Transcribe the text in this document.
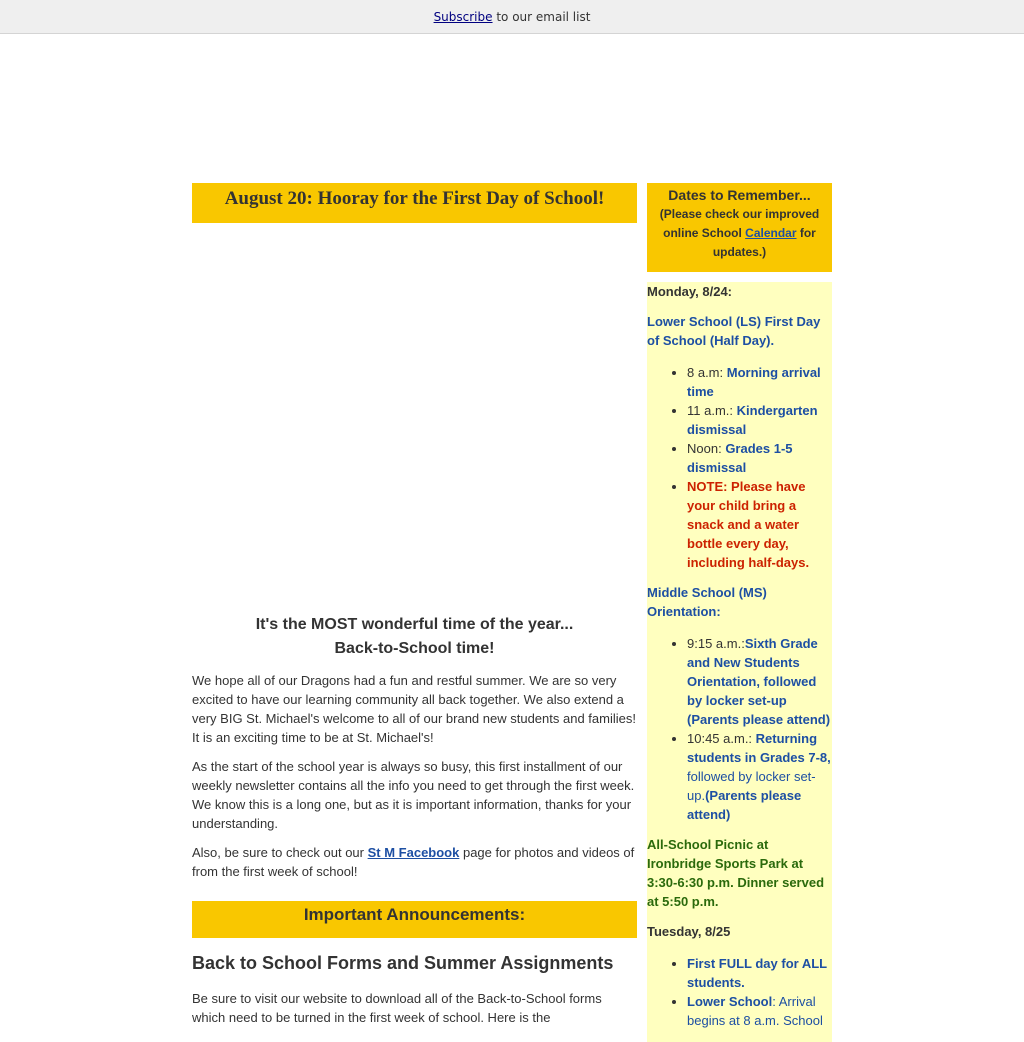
Subscribe to our email list
August 20: Hooray for the First Day of School!
It's the MOST wonderful time of the year...
Back-to-School time!

We hope all of our Dragons had a fun and restful summer. We are so very excited to have our learning community all back together. We also extend a very BIG St. Michael's welcome to all of our brand new students and families! It is an exciting time to be at St. Michael's!

As the start of the school year is always so busy, this first installment of our weekly newsletter contains all the info you need to get through the first week. We know this is a long one, but as it is important information, thanks for your understanding.

Also, be sure to check out our St M Facebook page for photos and videos of from the first week of school!

Important Announcements:
Back to School Forms and Summer Assignments

Be sure to visit our website to download all of the Back-to-School forms which need to be turned in the first week of school. Here is the

Dates to Remember...
(Please check our improved online School Calendar for updates.)
Monday, 8/24:
Lower School (LS) First Day of School (Half Day).
• 8 a.m: Morning arrival time
• 11 a.m.: Kindergarten dismissal
• Noon: Grades 1-5 dismissal
• NOTE: Please have your child bring a snack and a water bottle every day, including half-days.
Middle School (MS) Orientation:
• 9:15 a.m.:Sixth Grade and New Students Orientation, followed by locker set-up (Parents please attend)
• 10:45 a.m.: Returning students in Grades 7-8, followed by locker set-up.(Parents please attend)
All-School Picnic at Ironbridge Sports Park at 3:30-6:30 p.m. Dinner served at 5:50 p.m.
Tuesday, 8/25
• First FULL day for ALL students.
• Lower School: Arrival begins at 8 a.m. School
